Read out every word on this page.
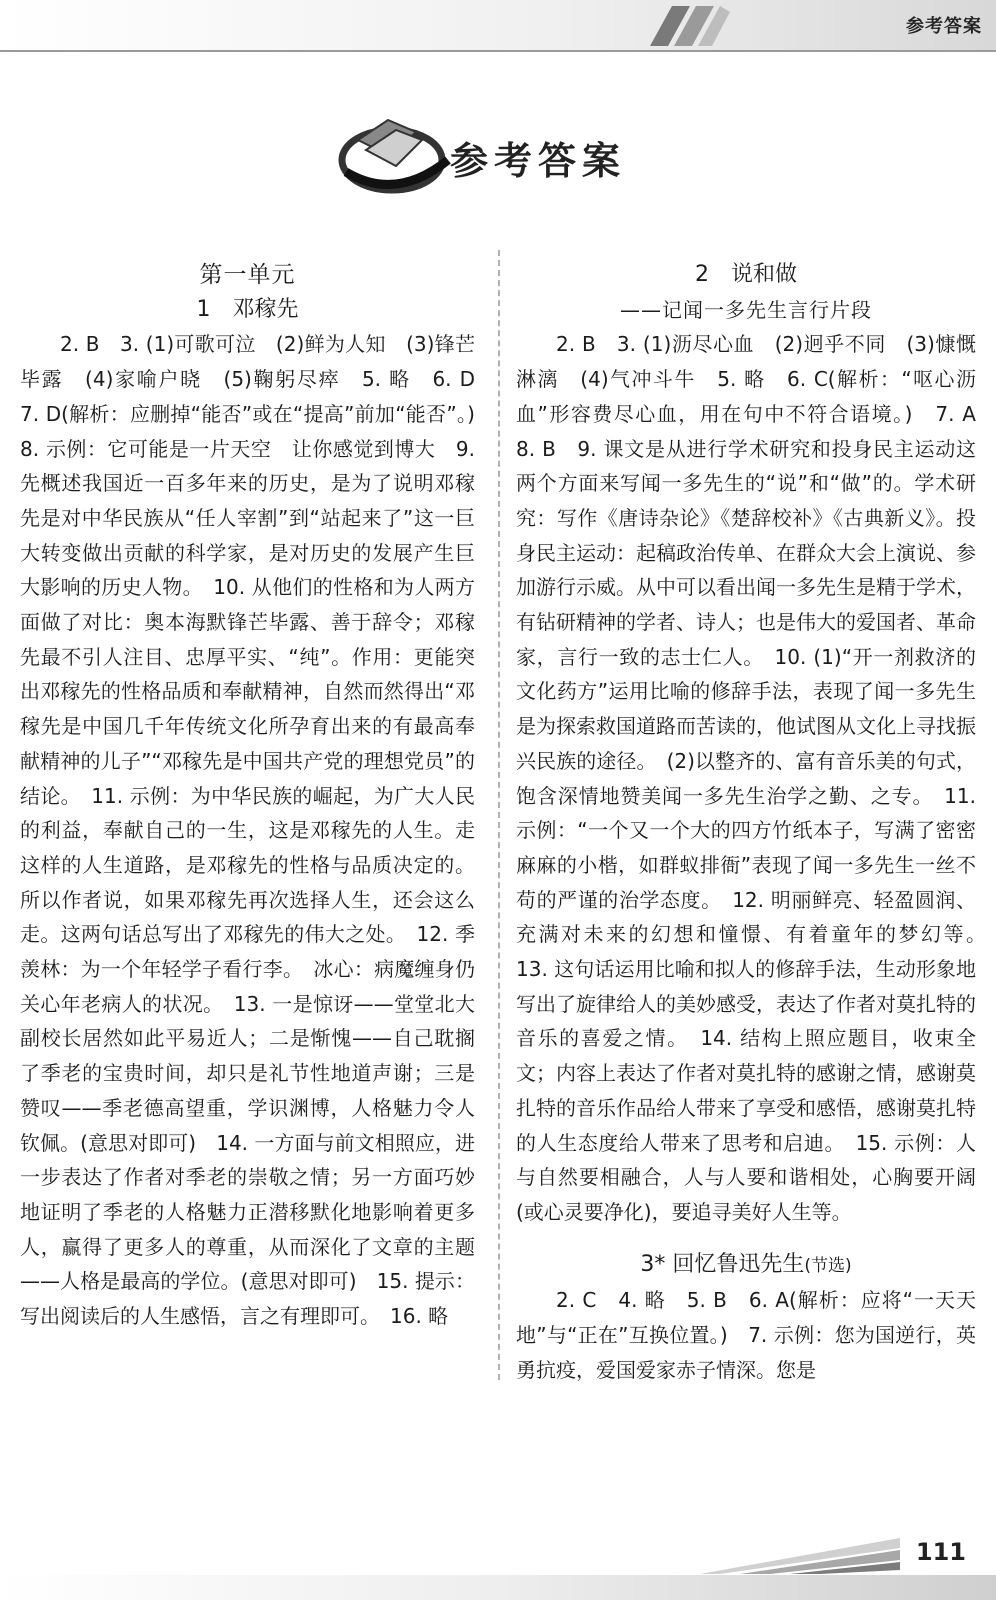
参考答案
参考答案

第一单元

1　邓稼先

2. B　3. (1)可歌可泣　(2)鲜为人知　(3)锋芒毕露　(4)家喻户晓　(5)鞠躬尽瘁　5. 略　6. D　7. D(解析：应删掉“能否”或在“提高”前加“能否”。)　8. 示例：它可能是一片天空　让你感觉到博大　9. 先概述我国近一百多年来的历史，是为了说明邓稼先是对中华民族从“任人宰割”到“站起来了”这一巨大转变做出贡献的科学家，是对历史的发展产生巨大影响的历史人物。　10. 从他们的性格和为人两方面做了对比：奥本海默锋芒毕露、善于辞令；邓稼先最不引人注目、忠厚平实、“纯”。作用：更能突出邓稼先的性格品质和奉献精神，自然而然得出“邓稼先是中国几千年传统文化所孕育出来的有最高奉献精神的儿子”“邓稼先是中国共产党的理想党员”的结论。　11. 示例：为中华民族的崛起，为广大人民的利益，奉献自己的一生，这是邓稼先的人生。走这样的人生道路，是邓稼先的性格与品质决定的。所以作者说，如果邓稼先再次选择人生，还会这么走。这两句话总写出了邓稼先的伟大之处。　12. 季羡林：为一个年轻学子看行李。　冰心：病魔缠身仍关心年老病人的状况。　13. 一是惊讶——堂堂北大副校长居然如此平易近人；二是惭愧——自己耽搁了季老的宝贵时间，却只是礼节性地道声谢；三是赞叹——季老德高望重，学识渊博，人格魅力令人钦佩。(意思对即可)　14. 一方面与前文相照应，进一步表达了作者对季老的崇敬之情；另一方面巧妙地证明了季老的人格魅力正潜移默化地影响着更多人，赢得了更多人的尊重，从而深化了文章的主题——人格是最高的学位。(意思对即可)　15. 提示：写出阅读后的人生感悟，言之有理即可。　16. 略

2　说和做

——记闻一多先生言行片段

2. B　3. (1)沥尽心血　(2)迥乎不同　(3)慷慨淋漓　(4)气冲斗牛　5. 略　6. C(解析：“呕心沥血”形容费尽心血，用在句中不符合语境。)　7. A　8. B　9. 课文是从进行学术研究和投身民主运动这两个方面来写闻一多先生的“说”和“做”的。学术研究：写作《唐诗杂论》《楚辞校补》《古典新义》。投身民主运动：起稿政治传单、在群众大会上演说、参加游行示威。从中可以看出闻一多先生是精于学术，有钻研精神的学者、诗人；也是伟大的爱国者、革命家，言行一致的志士仁人。　10. (1)“开一剂救济的文化药方”运用比喻的修辞手法，表现了闻一多先生是为探索救国道路而苦读的，他试图从文化上寻找振兴民族的途径。　(2)以整齐的、富有音乐美的句式，饱含深情地赞美闻一多先生治学之勤、之专。　11. 示例：“一个又一个大的四方竹纸本子，写满了密密麻麻的小楷，如群蚁排衙”表现了闻一多先生一丝不苟的严谨的治学态度。　12. 明丽鲜亮、轻盈圆润、充满对未来的幻想和憧憬、有着童年的梦幻等。　13. 这句话运用比喻和拟人的修辞手法，生动形象地写出了旋律给人的美妙感受，表达了作者对莫扎特的音乐的喜爱之情。　14. 结构上照应题目，收束全文；内容上表达了作者对莫扎特的感谢之情，感谢莫扎特的音乐作品给人带来了享受和感悟，感谢莫扎特的人生态度给人带来了思考和启迪。　15. 示例：人与自然要相融合，人与人要和谐相处，心胸要开阔(或心灵要净化)，要追寻美好人生等。

3* 回忆鲁迅先生(节选)

2. C　4. 略　5. B　6. A(解析：应将“一天天地”与“正在”互换位置。)　7. 示例：您为国逆行，英勇抗疫，爱国爱家赤子情深。您是

111
